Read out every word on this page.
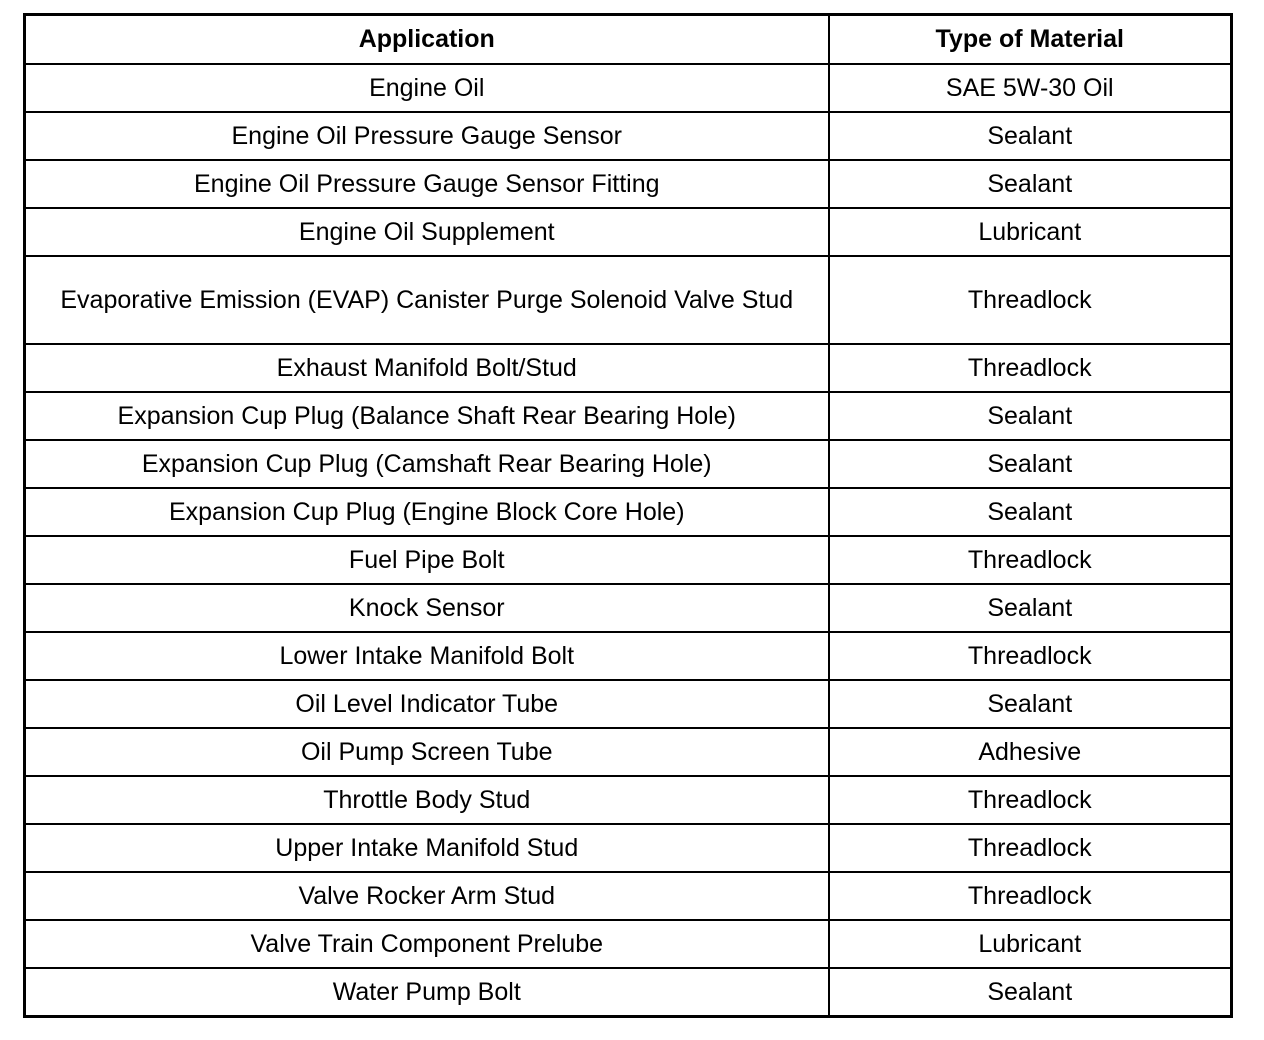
Application	Type of Material
Engine Oil	SAE 5W-30 Oil
Engine Oil Pressure Gauge Sensor	Sealant
Engine Oil Pressure Gauge Sensor Fitting	Sealant
Engine Oil Supplement	Lubricant
Evaporative Emission (EVAP) Canister Purge Solenoid Valve Stud	Threadlock
Exhaust Manifold Bolt/Stud	Threadlock
Expansion Cup Plug (Balance Shaft Rear Bearing Hole)	Sealant
Expansion Cup Plug (Camshaft Rear Bearing Hole)	Sealant
Expansion Cup Plug (Engine Block Core Hole)	Sealant
Fuel Pipe Bolt	Threadlock
Knock Sensor	Sealant
Lower Intake Manifold Bolt	Threadlock
Oil Level Indicator Tube	Sealant
Oil Pump Screen Tube	Adhesive
Throttle Body Stud	Threadlock
Upper Intake Manifold Stud	Threadlock
Valve Rocker Arm Stud	Threadlock
Valve Train Component Prelube	Lubricant
Water Pump Bolt	Sealant
